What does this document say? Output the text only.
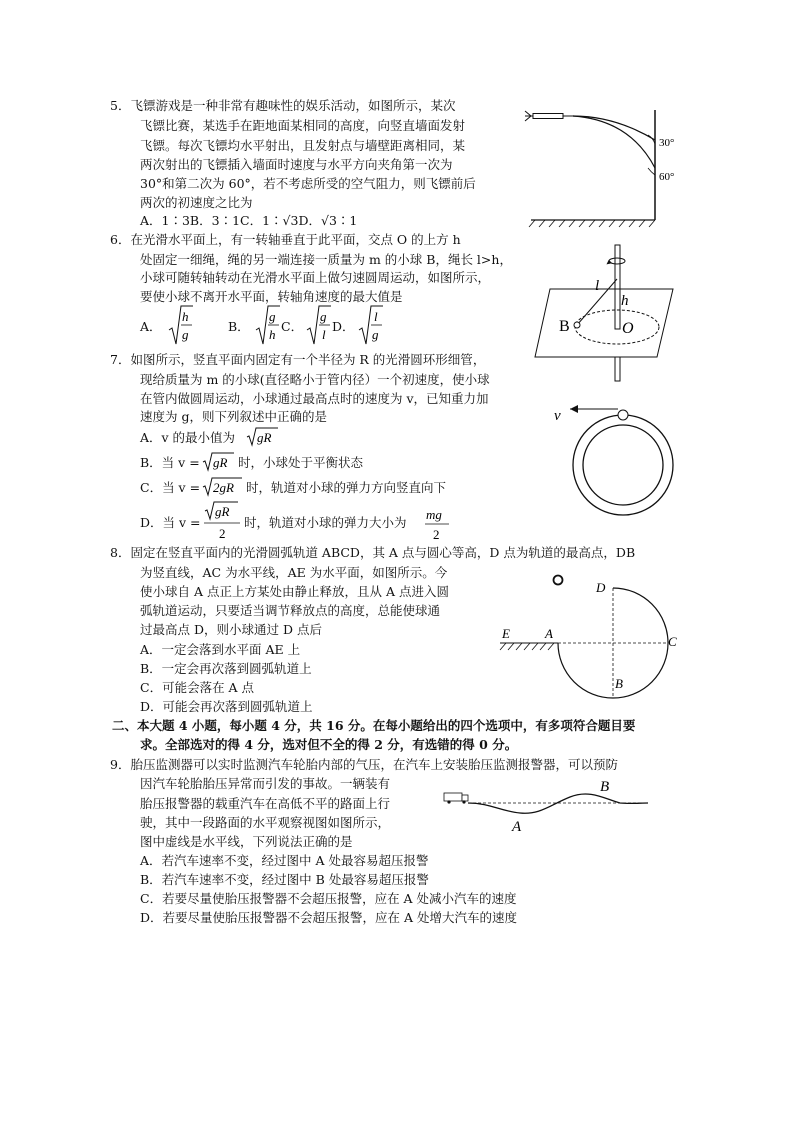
5．飞镖游戏是一种非常有趣味性的娱乐活动，如图所示，某次
飞镖比赛，某选手在距地面某相同的高度，向竖直墙面发射
飞镖。每次飞镖均水平射出，且发射点与墙壁距离相同，某
两次射出的飞镖插入墙面时速度与水平方向夹角第一次为
30°和第二次为 60°，若不考虑所受的空气阻力，则飞镖前后
两次的初速度之比为
A．1∶3B．3∶1C．1∶√3D．√3∶1
30°
60°
6．在光滑水平面上，有一转轴垂直于此平面，交点 O 的上方 h
处固定一细绳，绳的另一端连接一质量为 m 的小球 B，绳长 l>h，
小球可随转轴转动在光滑水平面上做匀速圆周运动，如图所示，
要使小球不离开水平面，转轴角速度的最大值是
A．
h
g
B．
g
h
C．
g
l
D．
l
g
l
h
B	O
7．如图所示，竖直平面内固定有一个半径为 R 的光滑圆环形细管，
现给质量为 m 的小球(直径略小于管内径）一个初速度，使小球
在管内做圆周运动，小球通过最高点时的速度为 v，已知重力加
速度为 g，则下列叙述中正确的是
A．v 的最小值为 gR
B．当 v = gR 时，小球处于平衡状态
C．当 v = 2gR 时，轨道对小球的弹力方向竖直向下
D．当 v =
gR
2
时，轨道对小球的弹力大小为
mg
2
v
8．固定在竖直平面内的光滑圆弧轨道 ABCD，其 A 点与圆心等高，D 点为轨道的最高点，DB
为竖直线，AC 为水平线，AE 为水平面，如图所示。今
使小球自 A 点正上方某处由静止释放，且从 A 点进入圆
弧轨道运动，只要适当调节释放点的高度，总能使球通
过最高点 D，则小球通过 D 点后
A．一定会落到水平面 AE 上
B．一定会再次落到圆弧轨道上
C．可能会落在 A 点
D．可能会再次落到圆弧轨道上
D
E	A
C
B
二、本大题 4 小题，每小题 4 分，共 16 分。在每小题给出的四个选项中，有多项符合题目要
求。全部选对的得 4 分，选对但不全的得 2 分，有选错的得 0 分。
9．胎压监测器可以实时监测汽车轮胎内部的气压，在汽车上安装胎压监测报警器，可以预防
因汽车轮胎胎压异常而引发的事故。一辆装有
胎压报警器的载重汽车在高低不平的路面上行
驶，其中一段路面的水平观察视图如图所示，
图中虚线是水平线，下列说法正确的是
A．若汽车速率不变，经过图中 A 处最容易超压报警
B．若汽车速率不变，经过图中 B 处最容易超压报警
C．若要尽量使胎压报警器不会超压报警，应在 A 处减小汽车的速度
D．若要尽量使胎压报警器不会超压报警，应在 A 处增大汽车的速度
B
A
